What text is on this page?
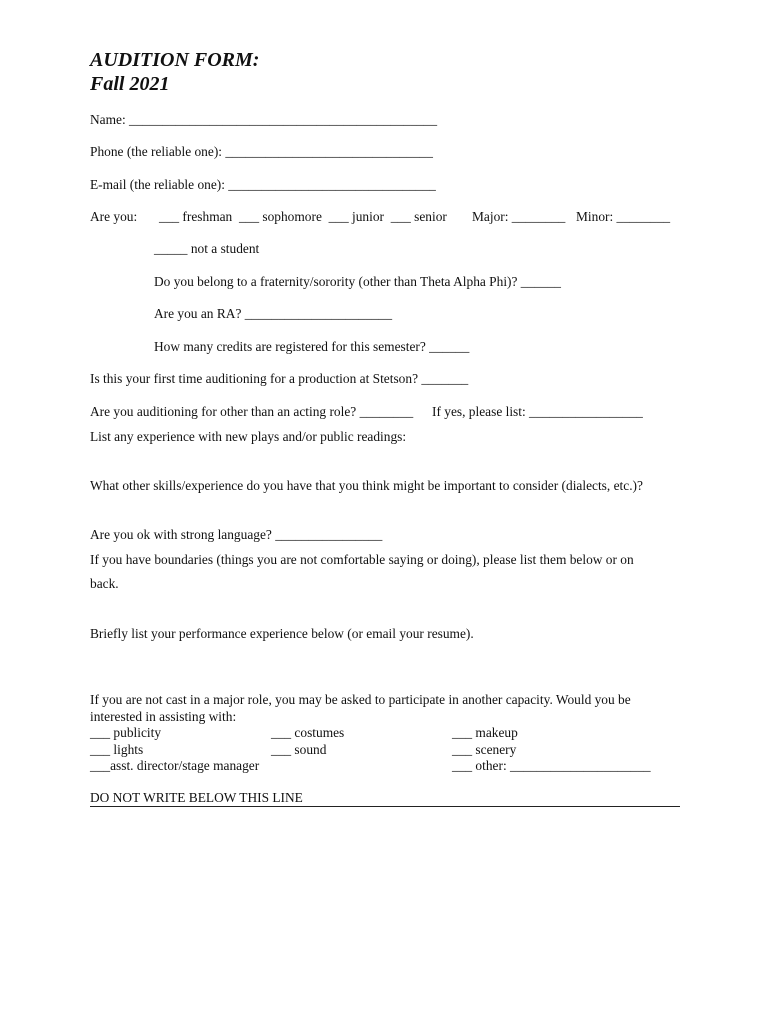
AUDITION FORM:
Fall 2021
Name: ______________________________________________
Phone (the reliable one): _______________________________
E-mail (the reliable one): _______________________________
Are you: ___ freshman  ___ sophomore  ___ junior  ___ senior Major: ________ Minor: ________
_____ not a student
Do you belong to a fraternity/sorority (other than Theta Alpha Phi)? ______
Are you an RA? ______________________
How many credits are registered for this semester? ______
Is this your first time auditioning for a production at Stetson? _______
Are you auditioning for other than an acting role? ________ If yes, please list: _________________
List any experience with new plays and/or public readings:
What other skills/experience do you have that you think might be important to consider (dialects, etc.)?
Are you ok with strong language? ________________
If you have boundaries (things you are not comfortable saying or doing), please list them below or on
back.
Briefly list your performance experience below (or email your resume).
If you are not cast in a major role, you may be asked to participate in another capacity. Would you be
interested in assisting with:
___ publicity	___ costumes	___ makeup
___ lights	___ sound	___ scenery
___asst. director/stage manager	___ other: _____________________
DO NOT WRITE BELOW THIS LINE
